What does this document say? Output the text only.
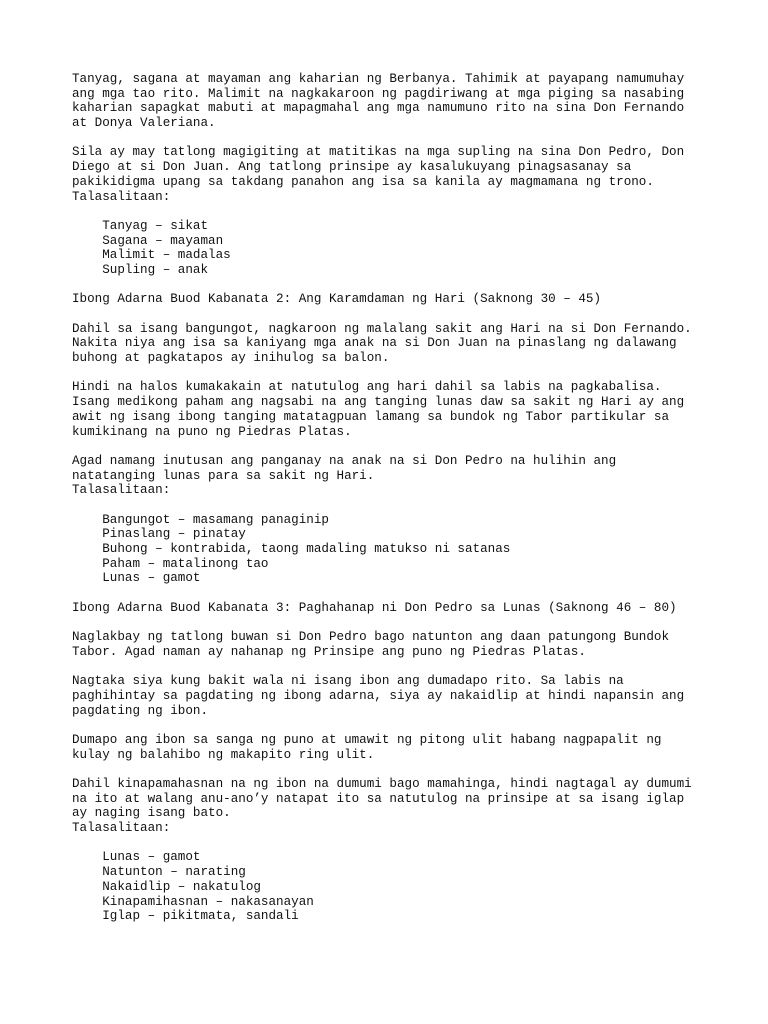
Tanyag, sagana at mayaman ang kaharian ng Berbanya. Tahimik at payapang namumuhay
ang mga tao rito. Malimit na nagkakaroon ng pagdiriwang at mga piging sa nasabing
kaharian sapagkat mabuti at mapagmahal ang mga namumuno rito na sina Don Fernando
at Donya Valeriana.
Sila ay may tatlong magigiting at matitikas na mga supling na sina Don Pedro, Don
Diego at si Don Juan. Ang tatlong prinsipe ay kasalukuyang pinagsasanay sa
pakikidigma upang sa takdang panahon ang isa sa kanila ay magmamana ng trono.
Talasalitaan:
Tanyag – sikat
Sagana – mayaman
Malimit – madalas
Supling – anak
Ibong Adarna Buod Kabanata 2: Ang Karamdaman ng Hari (Saknong 30 – 45)
Dahil sa isang bangungot, nagkaroon ng malalang sakit ang Hari na si Don Fernando.
Nakita niya ang isa sa kaniyang mga anak na si Don Juan na pinaslang ng dalawang
buhong at pagkatapos ay inihulog sa balon.
Hindi na halos kumakakain at natutulog ang hari dahil sa labis na pagkabalisa.
Isang medikong paham ang nagsabi na ang tanging lunas daw sa sakit ng Hari ay ang
awit ng isang ibong tanging matatagpuan lamang sa bundok ng Tabor partikular sa
kumikinang na puno ng Piedras Platas.
Agad namang inutusan ang panganay na anak na si Don Pedro na hulihin ang
natatanging lunas para sa sakit ng Hari.
Talasalitaan:
Bangungot – masamang panaginip
Pinaslang – pinatay
Buhong – kontrabida, taong madaling matukso ni satanas
Paham – matalinong tao
Lunas – gamot
Ibong Adarna Buod Kabanata 3: Paghahanap ni Don Pedro sa Lunas (Saknong 46 – 80)
Naglakbay ng tatlong buwan si Don Pedro bago natunton ang daan patungong Bundok
Tabor. Agad naman ay nahanap ng Prinsipe ang puno ng Piedras Platas.
Nagtaka siya kung bakit wala ni isang ibon ang dumadapo rito. Sa labis na
paghihintay sa pagdating ng ibong adarna, siya ay nakaidlip at hindi napansin ang
pagdating ng ibon.
Dumapo ang ibon sa sanga ng puno at umawit ng pitong ulit habang nagpapalit ng
kulay ng balahibo ng makapito ring ulit.
Dahil kinapamahasnan na ng ibon na dumumi bago mamahinga, hindi nagtagal ay dumumi
na ito at walang anu-ano’y natapat ito sa natutulog na prinsipe at sa isang iglap
ay naging isang bato.
Talasalitaan:
Lunas – gamot
Natunton – narating
Nakaidlip – nakatulog
Kinapamihasnan – nakasanayan
Iglap – pikitmata, sandali
